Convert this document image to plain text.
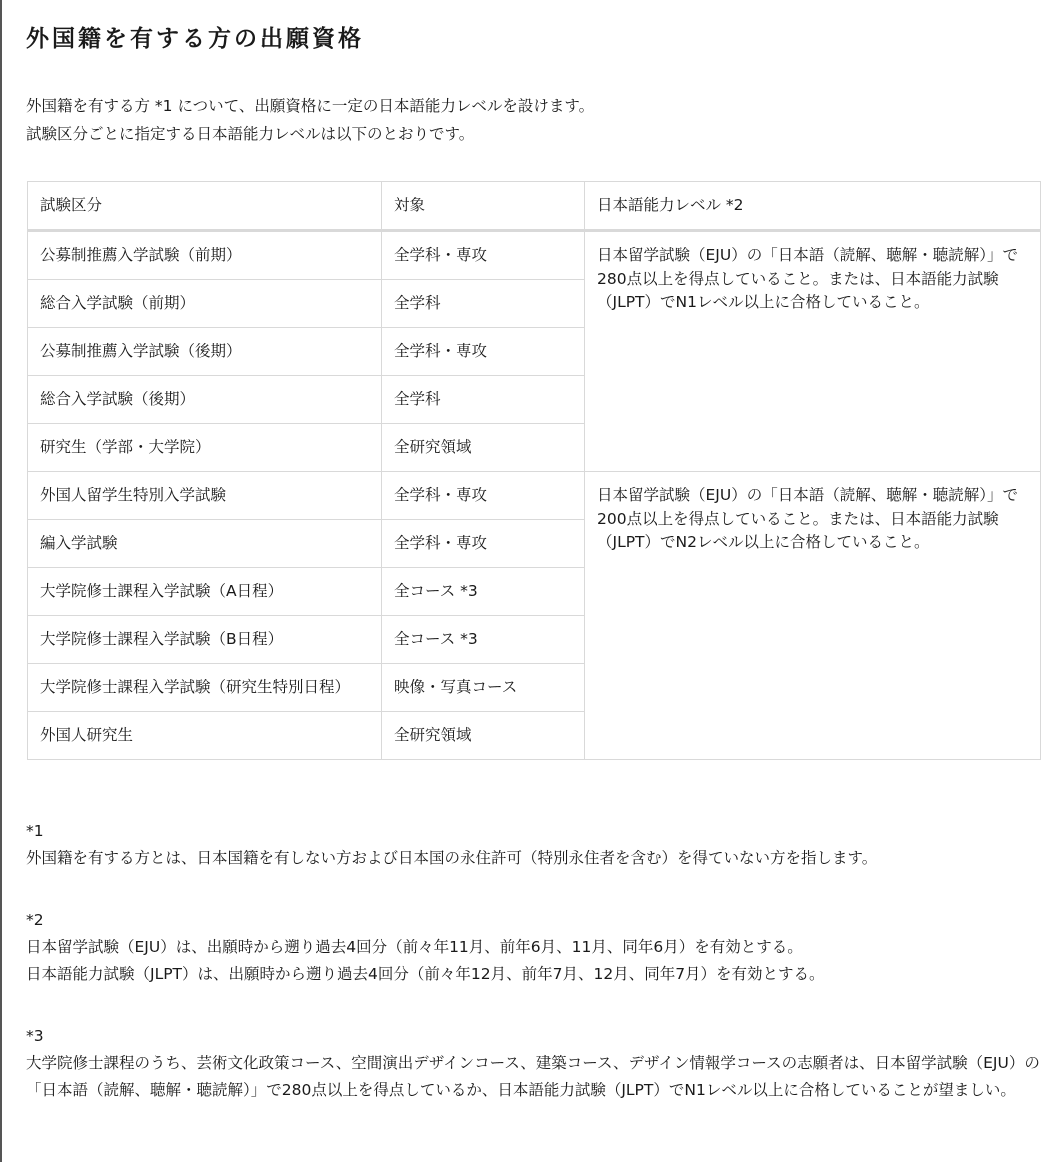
外国籍を有する方の出願資格

外国籍を有する方 *1 について、出願資格に一定の日本語能力レベルを設けます。

試験区分ごとに指定する日本語能力レベルは以下のとおりです。

試験区分	対象	日本語能力レベル *2
公募制推薦入学試験（前期）	全学科・専攻	日本留学試験（EJU）の「日本語（読解、聴解・聴読解）」で280点以上を得点していること。または、日本語能力試験（JLPT）でN1レベル以上に合格していること。
総合入学試験（前期）	全学科	
公募制推薦入学試験（後期）	全学科・専攻	
総合入学試験（後期）	全学科	
研究生（学部・大学院）	全研究領域	
外国人留学生特別入学試験	全学科・専攻	日本留学試験（EJU）の「日本語（読解、聴解・聴読解）」で200点以上を得点していること。または、日本語能力試験（JLPT）でN2レベル以上に合格していること。
編入学試験	全学科・専攻	
大学院修士課程入学試験（A日程）	全コース *3	
大学院修士課程入学試験（B日程）	全コース *3	
大学院修士課程入学試験（研究生特別日程）	映像・写真コース	
外国人研究生	全研究領域	
*1

外国籍を有する方とは、日本国籍を有しない方および日本国の永住許可（特別永住者を含む）を得ていない方を指します。

*2

日本留学試験（EJU）は、出願時から遡り過去4回分（前々年11月、前年6月、11月、同年6月）を有効とする。

日本語能力試験（JLPT）は、出願時から遡り過去4回分（前々年12月、前年7月、12月、同年7月）を有効とする。

*3

大学院修士課程のうち、芸術文化政策コース、空間演出デザインコース、建築コース、デザイン情報学コースの志願者は、日本留学試験（EJU）の「日本語（読解、聴解・聴読解）」で280点以上を得点しているか、日本語能力試験（JLPT）でN1レベル以上に合格していることが望ましい。
